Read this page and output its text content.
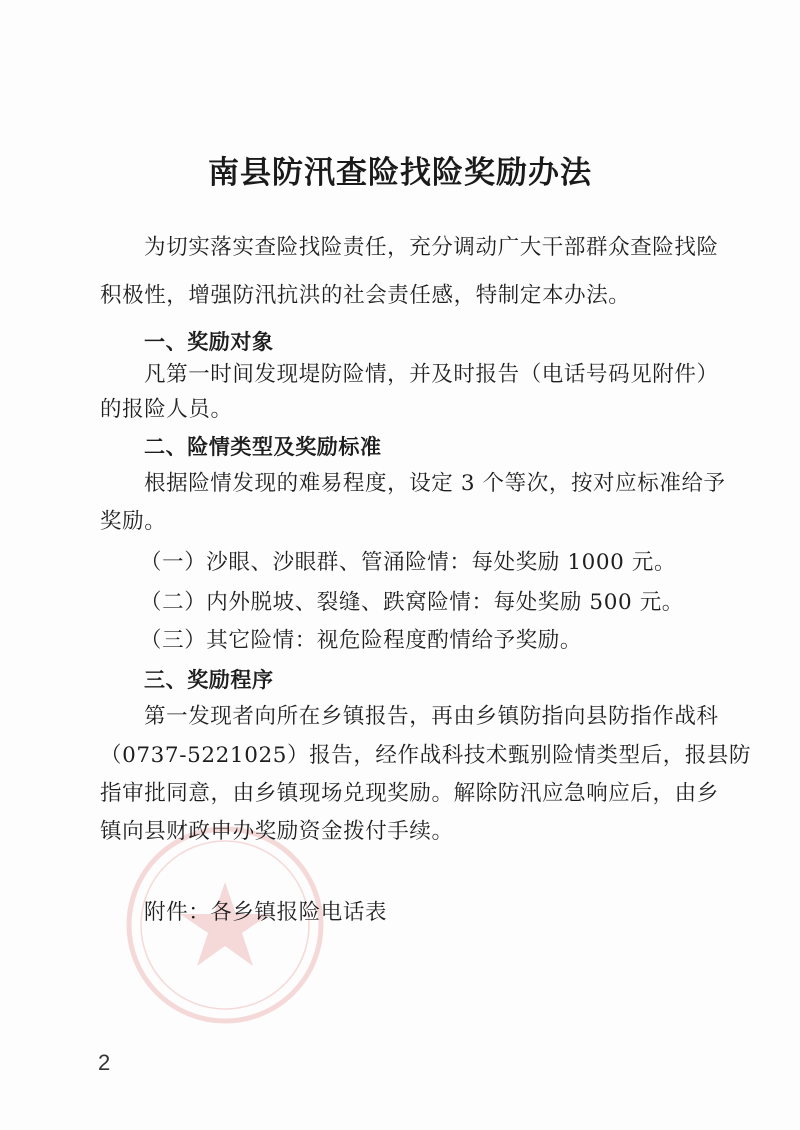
南县防汛查险找险奖励办法
为切实落实查险找险责任，充分调动广大干部群众查险找险
积极性，增强防汛抗洪的社会责任感，特制定本办法。
一、奖励对象
凡第一时间发现堤防险情，并及时报告（电话号码见附件）
的报险人员。
二、险情类型及奖励标准
根据险情发现的难易程度，设定 3 个等次，按对应标准给予
奖励。
（一）沙眼、沙眼群、管涌险情：每处奖励 1000 元。
（二）内外脱坡、裂缝、跌窝险情：每处奖励 500 元。
（三）其它险情：视危险程度酌情给予奖励。
三、奖励程序
第一发现者向所在乡镇报告，再由乡镇防指向县防指作战科
（0737-5221025）报告，经作战科技术甄别险情类型后，报县防
指审批同意，由乡镇现场兑现奖励。解除防汛应急响应后，由乡
镇向县财政申办奖励资金拨付手续。
附件：各乡镇报险电话表
2
